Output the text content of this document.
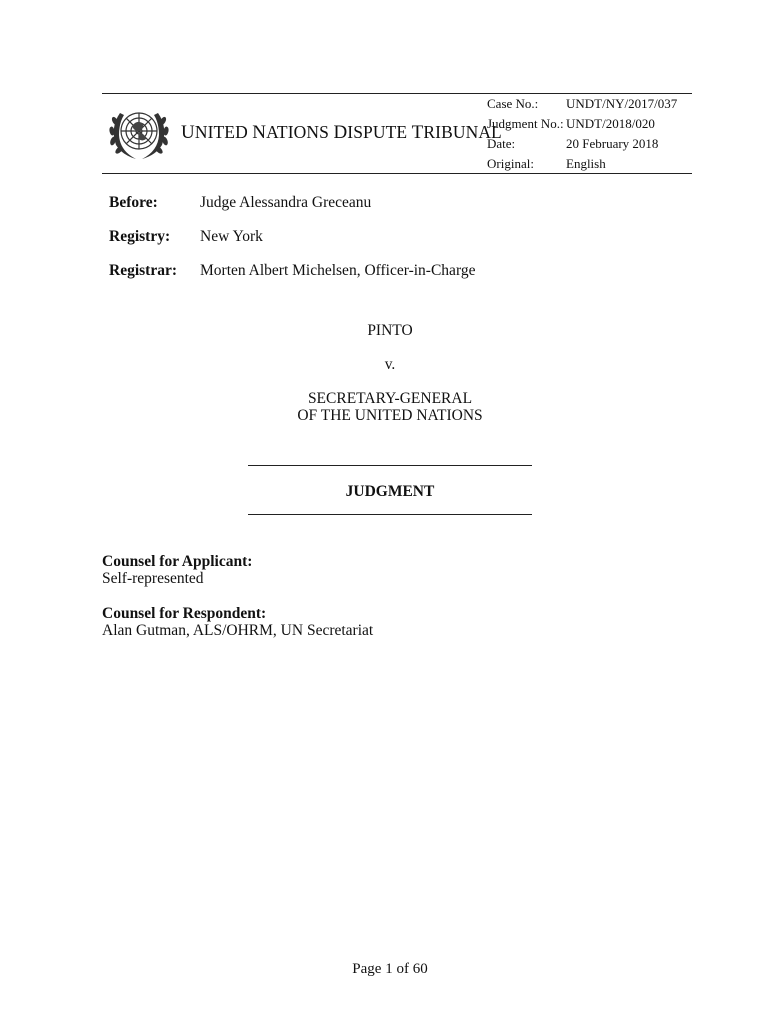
UNITED NATIONS DISPUTE TRIBUNAL
Case No.: UNDT/NY/2017/037
Judgment No.: UNDT/2018/020
Date:	20 February 2018
Original: English
Before:	Judge Alessandra Greceanu
Registry: New York
Registrar: Morten Albert Michelsen, Officer-in-Charge
PINTO
v.
SECRETARY-GENERAL
OF THE UNITED NATIONS
JUDGMENT
Counsel for Applicant:
Self-represented
Counsel for Respondent:
Alan Gutman, ALS/OHRM, UN Secretariat
Page 1 of 60
